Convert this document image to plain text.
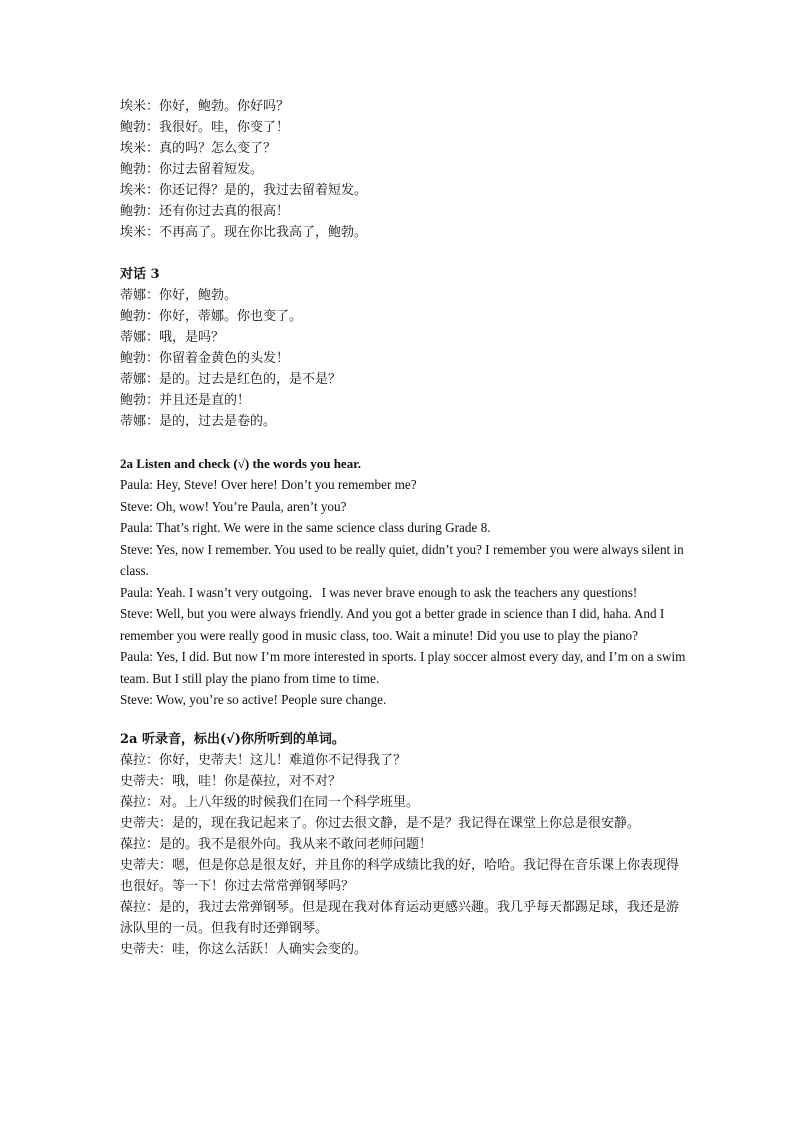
埃米：你好，鲍勃。你好吗？
鲍勃：我很好。哇，你变了！
埃米：真的吗？怎么变了？
鲍勃：你过去留着短发。
埃米：你还记得？是的，我过去留着短发。
鲍勃：还有你过去真的很高！
埃米：不再高了。现在你比我高了，鲍勃。
对话 3
蒂娜：你好，鲍勃。
鲍勃：你好，蒂娜。你也变了。
蒂娜：哦，是吗？
鲍勃：你留着金黄色的头发！
蒂娜：是的。过去是红色的，是不是？
鲍勃：并且还是直的！
蒂娜：是的，过去是卷的。
2a Listen and check (√) the words you hear.
Paula: Hey, Steve! Over here! Don’t you remember me?
Steve: Oh, wow! You’re Paula, aren’t you?
Paula: That’s right. We were in the same science class during Grade 8.
Steve: Yes, now I remember. You used to be really quiet, didn’t you? I remember you were always silent in class.
Paula: Yeah. I wasn’t very outgoing．I was never brave enough to ask the teachers any questions!
Steve: Well, but you were always friendly. And you got a better grade in science than I did, haha. And I remember you were really good in music class, too. Wait a minute! Did you use to play the piano?
Paula: Yes, I did. But now I’m more interested in sports. I play soccer almost every day, and I’m on a swim team. But I still play the piano from time to time.
Steve: Wow, you’re so active! People sure change.
2a 听录音，标出(√)你所听到的单词。
葆拉：你好，史蒂夫！这儿！难道你不记得我了？
史蒂夫：哦，哇！你是葆拉，对不对？
葆拉：对。上八年级的时候我们在同一个科学班里。
史蒂夫：是的，现在我记起来了。你过去很文静，是不是？我记得在课堂上你总是很安静。
葆拉：是的。我不是很外向。我从来不敢问老师问题！
史蒂夫：嗯，但是你总是很友好，并且你的科学成绩比我的好，哈哈。我记得在音乐课上你表现得也很好。等一下！你过去常常弹钢琴吗？
葆拉：是的，我过去常弹钢琴。但是现在我对体育运动更感兴趣。我几乎每天都踢足球，我还是游泳队里的一员。但我有时还弹钢琴。
史蒂夫：哇，你这么活跃！人确实会变的。
